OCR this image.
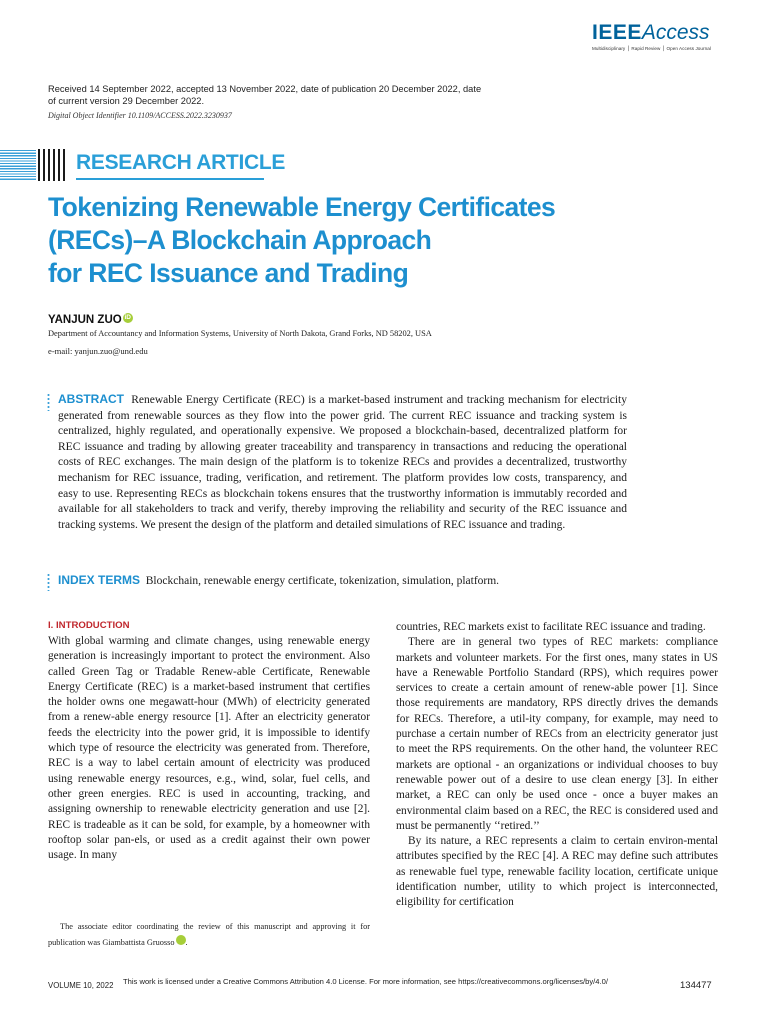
IEEEAccess
Multidisciplinary ⎪ Rapid Review ⎪ Open Access Journal
Received 14 September 2022, accepted 13 November 2022, date of publication 20 December 2022, date of current version 29 December 2022.
Digital Object Identifier 10.1109/ACCESS.2022.3230937
RESEARCH ARTICLE
Tokenizing Renewable Energy Certificates
(RECs)–A Blockchain Approach
for REC Issuance and Trading
YANJUN ZUO iD
Department of Accountancy and Information Systems, University of North Dakota, Grand Forks, ND 58202, USA
e-mail: yanjun.zuo@und.edu
ABSTRACT Renewable Energy Certificate (REC) is a market-based instrument and tracking mechanism for electricity generated from renewable sources as they flow into the power grid. The current REC issuance and tracking system is centralized, highly regulated, and operationally expensive. We proposed a blockchain-based, decentralized platform for REC issuance and trading by allowing greater traceability and transparency in transactions and reducing the operational costs of REC exchanges. The main design of the platform is to tokenize RECs and provides a decentralized, trustworthy mechanism for REC issuance, trading, verification, and retirement. The platform provides low costs, transparency, and easy to use. Representing RECs as blockchain tokens ensures that the trustworthy information is immutably recorded and available for all stakeholders to track and verify, thereby improving the reliability and security of the REC issuance and tracking systems. We present the design of the platform and detailed simulations of REC issuance and trading.
INDEX TERMS Blockchain, renewable energy certificate, tokenization, simulation, platform.
I. INTRODUCTION

With global warming and climate changes, using renewable energy generation is increasingly important to protect the environment. Also called Green Tag or Tradable Renew-able Certificate, Renewable Energy Certificate (REC) is a market-based instrument that certifies the holder owns one megawatt-hour (MWh) of electricity generated from a renew-able energy resource [1]. After an electricity generator feeds the electricity into the power grid, it is impossible to identify which type of resource the electricity was generated from. Therefore, REC is a way to label certain amount of electricity was produced using renewable energy resources, e.g., wind, solar, fuel cells, and other green energies. REC is used in accounting, tracking, and assigning ownership to renewable electricity generation and use [2]. REC is tradeable as it can be sold, for example, by a homeowner with rooftop solar pan-els, or used as a credit against their own power usage. In many

countries, REC markets exist to facilitate REC issuance and trading.

There are in general two types of REC markets: compliance markets and volunteer markets. For the first ones, many states in US have a Renewable Portfolio Standard (RPS), which requires power services to create a certain amount of renew-able power [1]. Since those requirements are mandatory, RPS directly drives the demands for RECs. Therefore, a util-ity company, for example, may need to purchase a certain number of RECs from an electricity generator just to meet the RPS requirements. On the other hand, the volunteer REC markets are optional - an organizations or individual chooses to buy renewable power out of a desire to use clean energy [3]. In either market, a REC can only be used once - once a buyer makes an environmental claim based on a REC, the REC is considered used and must be permanently ‘‘retired.’’

By its nature, a REC represents a claim to certain environ-mental attributes specified by the REC [4]. A REC may define such attributes as renewable fuel type, renewable facility location, certificate unique identification number, utility to which project is interconnected, eligibility for certification

The associate editor coordinating the review of this manuscript and approving it for publication was Giambattista Gruosso iD.
VOLUME 10, 2022 This work is licensed under a Creative Commons Attribution 4.0 License. For more information, see https://creativecommons.org/licenses/by/4.0/	134477
